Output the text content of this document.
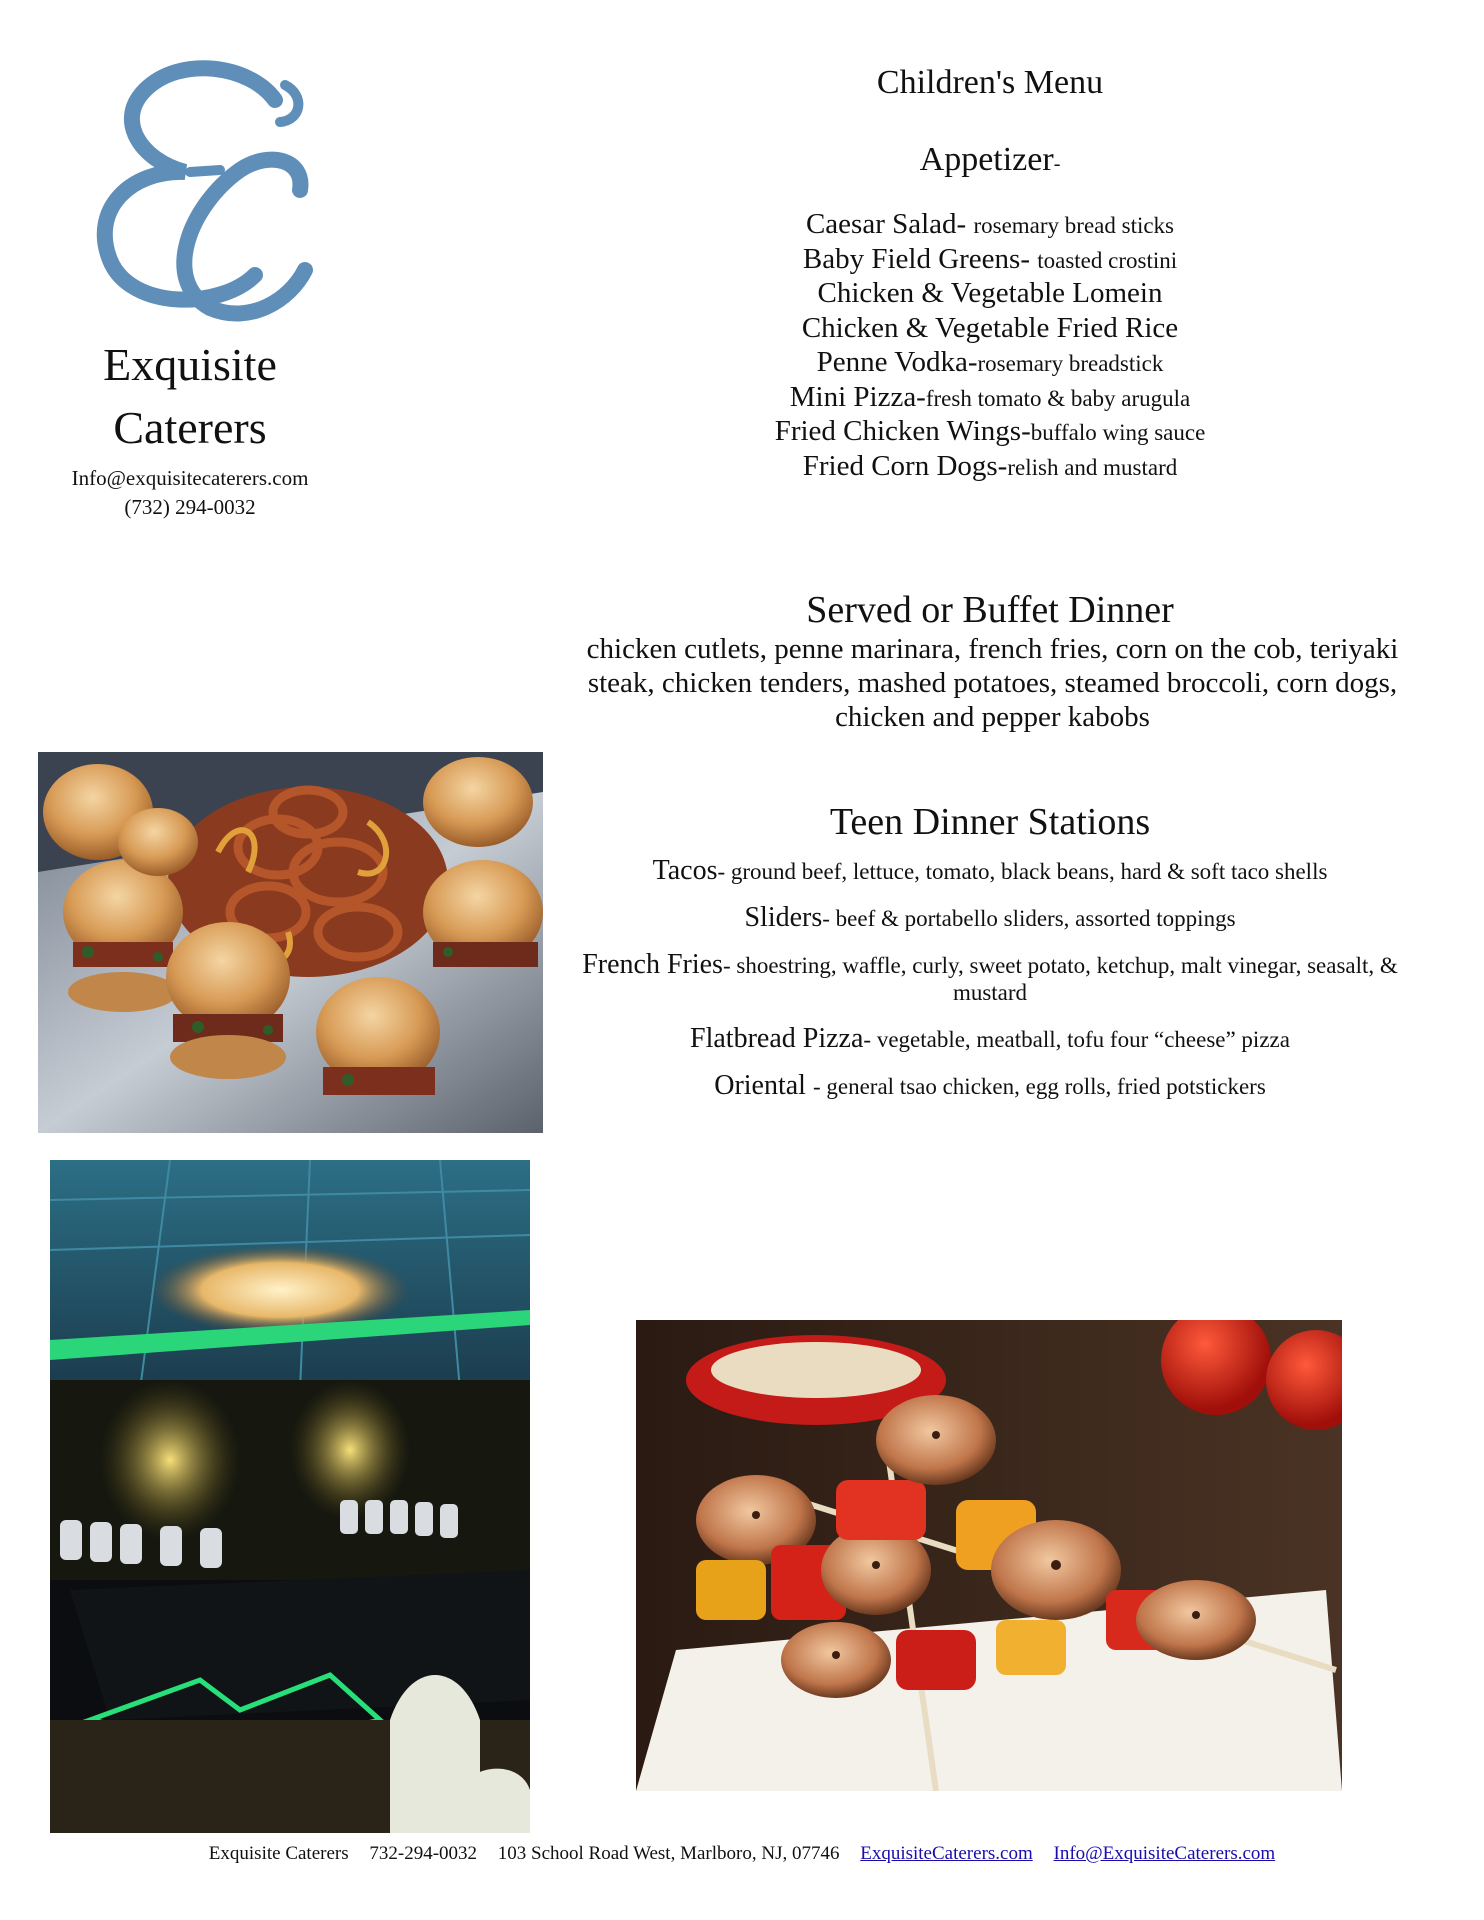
Exquisite
Caterers
Info@exquisitecaterers.com
(732) 294-0032
Children's Menu
Appetizer-
Caesar Salad- rosemary bread sticks
Baby Field Greens- toasted crostini
Chicken & Vegetable Lomein
Chicken & Vegetable Fried Rice
Penne Vodka-rosemary breadstick
Mini Pizza-fresh tomato & baby arugula
Fried Chicken Wings-buffalo wing sauce
Fried Corn Dogs-relish and mustard
Served or Buffet Dinner
chicken cutlets, penne marinara, french fries, corn on the cob, teriyaki steak, chicken tenders, mashed potatoes, steamed broccoli, corn dogs, chicken and pepper kabobs
Teen Dinner Stations
Tacos- ground beef, lettuce, tomato, black beans, hard & soft taco shells
Sliders- beef & portabello sliders, assorted toppings
French Fries- shoestring, waffle, curly, sweet potato, ketchup, malt vinegar, seasalt, & mustard
Flatbread Pizza- vegetable, meatball, tofu four “cheese” pizza
Oriental - general tsao chicken, egg rolls, fried potstickers
Exquisite Caterers 732-294-0032 103 School Road West, Marlboro, NJ, 07746 ExquisiteCaterers.com Info@ExquisiteCaterers.com
